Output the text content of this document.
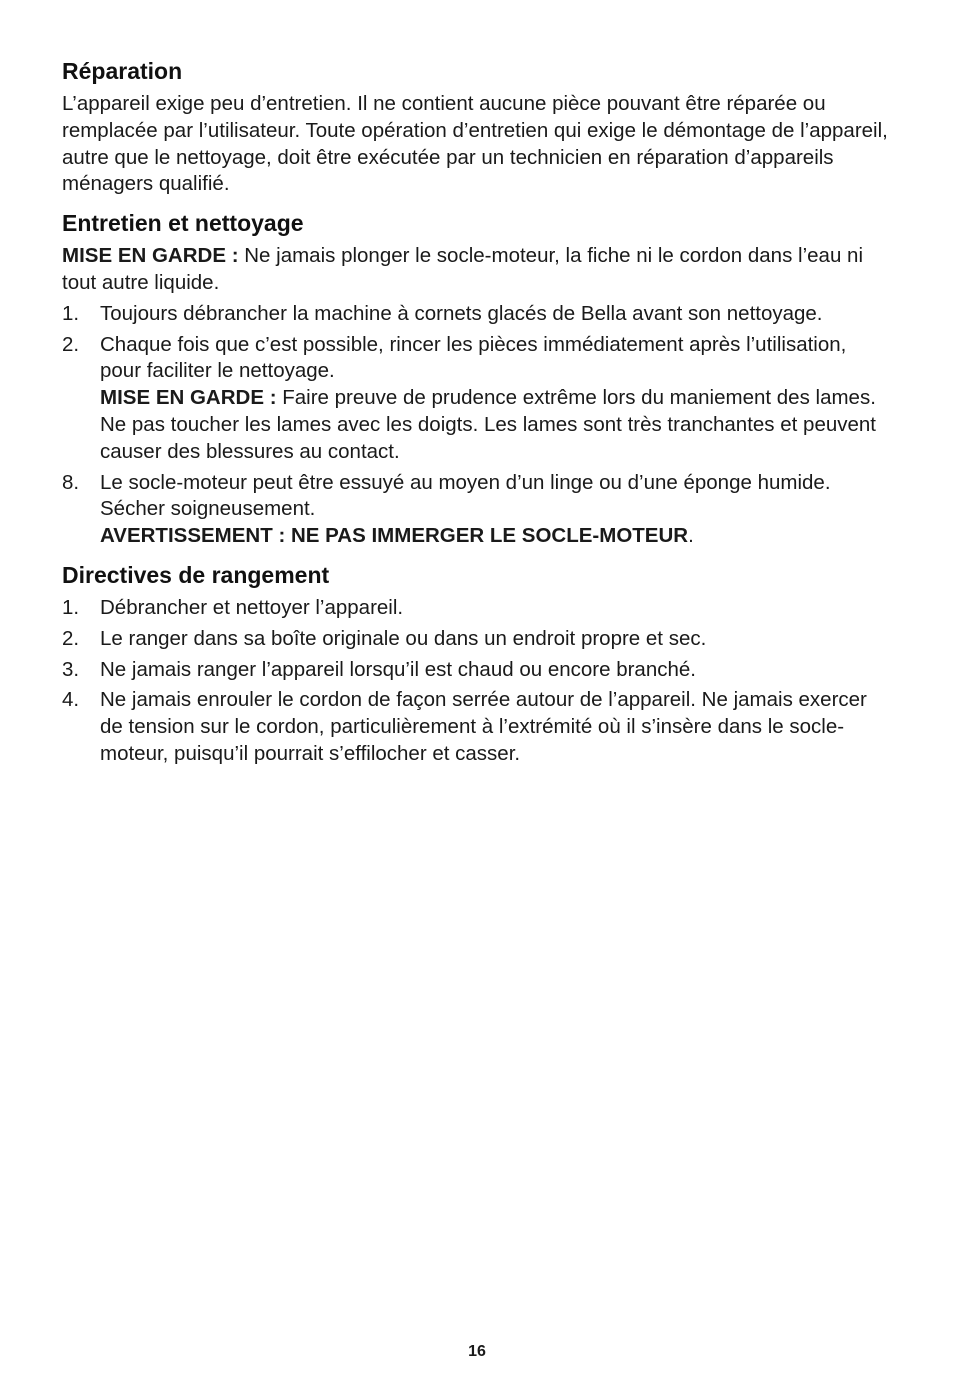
Réparation

L’appareil exige peu d’entretien. Il ne contient aucune pièce pouvant être réparée ou remplacée par l’utilisateur. Toute opération d’entretien qui exige le démontage de l’appareil, autre que le nettoyage, doit être exécutée par un technicien en réparation d’appareils ménagers qualifié.

Entretien et nettoyage

MISE EN GARDE : Ne jamais plonger le socle-moteur, la fiche ni le cordon dans l’eau ni tout autre liquide.

1.	Toujours débrancher la machine à cornets glacés de Bella avant son nettoyage.
2.	Chaque fois que c’est possible, rincer les pièces immédiatement après l’utilisation, pour faciliter le nettoyage.
MISE EN GARDE : Faire preuve de prudence extrême lors du maniement des lames. Ne pas toucher les lames avec les doigts. Les lames sont très tranchantes et peuvent causer des blessures au contact.
8.	Le socle-moteur peut être essuyé au moyen d’un linge ou d’une éponge humide. Sécher soigneusement.
AVERTISSEMENT : NE PAS IMMERGER LE SOCLE-MOTEUR.
Directives de rangement
1.	Débrancher et nettoyer l’appareil.
2.	Le ranger dans sa boîte originale ou dans un endroit propre et sec.
3.	Ne jamais ranger l’appareil lorsqu’il est chaud ou encore branché.
4.	Ne jamais enrouler le cordon de façon serrée autour de l’appareil. Ne jamais exercer de tension sur le cordon, particulièrement à l’extrémité où il s’insère dans le socle-moteur, puisqu’il pourrait s’effilocher et casser.
16
